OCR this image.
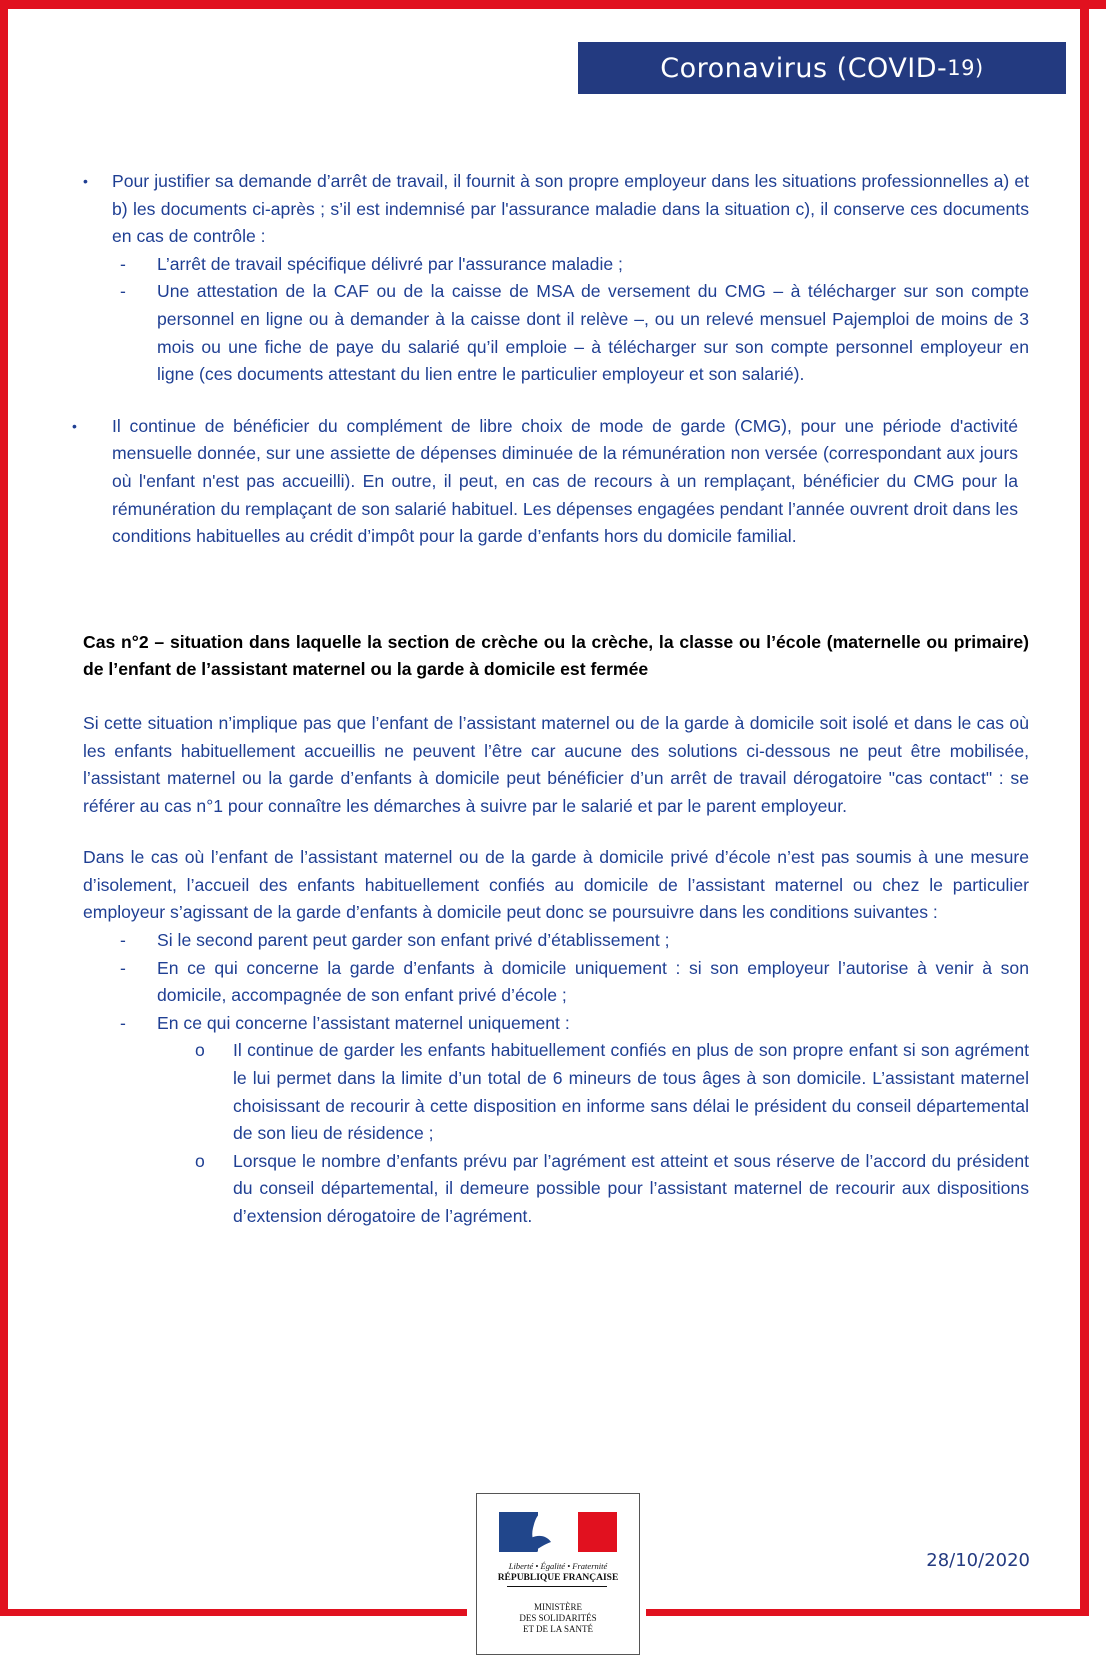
Coronavirus (COVID- 19)
• Pour justifier sa demande d’arrêt de travail, il fournit à son propre employeur dans les situations professionnelles a) et b) les documents ci-après ; s’il est indemnisé par l'assurance maladie dans la situation c), il conserve ces documents en cas de contrôle :

- L’arrêt de travail spécifique délivré par l'assurance maladie ;

- Une attestation de la CAF ou de la caisse de MSA de versement du CMG – à télécharger sur son compte personnel en ligne ou à demander à la caisse dont il relève –, ou un relevé mensuel Pajemploi de moins de 3 mois ou une fiche de paye du salarié qu’il emploie – à télécharger sur son compte personnel employeur en ligne (ces documents attestant du lien entre le particulier employeur et son salarié).

• Il continue de bénéficier du complément de libre choix de mode de garde (CMG), pour une période d'activité mensuelle donnée, sur une assiette de dépenses diminuée de la rémunération non versée (correspondant aux jours où l'enfant n'est pas accueilli). En outre, il peut, en cas de recours à un remplaçant, bénéficier du CMG pour la rémunération du remplaçant de son salarié habituel. Les dépenses engagées pendant l’année ouvrent droit dans les conditions habituelles au crédit d’impôt pour la garde d’enfants hors du domicile familial.

Cas n°2 – situation dans laquelle la section de crèche ou la crèche, la classe ou l’école (maternelle ou primaire) de l’enfant de l’assistant maternel ou la garde à domicile est fermée

Si cette situation n’implique pas que l’enfant de l’assistant maternel ou de la garde à domicile soit isolé et dans le cas où les enfants habituellement accueillis ne peuvent l’être car aucune des solutions ci-dessous ne peut être mobilisée, l’assistant maternel ou la garde d’enfants à domicile peut bénéficier d’un arrêt de travail dérogatoire "cas contact" : se référer au cas n°1 pour connaître les démarches à suivre par le salarié et par le parent employeur.

Dans le cas où l’enfant de l’assistant maternel ou de la garde à domicile privé d’école n’est pas soumis à une mesure d’isolement, l’accueil des enfants habituellement confiés au domicile de l’assistant maternel ou chez le particulier employeur s’agissant de la garde d’enfants à domicile peut donc se poursuivre dans les conditions suivantes :

- Si le second parent peut garder son enfant privé d’établissement ;

- En ce qui concerne la garde d’enfants à domicile uniquement : si son employeur l’autorise à venir à son domicile, accompagnée de son enfant privé d’école ;

- En ce qui concerne l’assistant maternel uniquement :

o Il continue de garder les enfants habituellement confiés en plus de son propre enfant si son agrément le lui permet dans la limite d’un total de 6 mineurs de tous âges à son domicile. L’assistant maternel choisissant de recourir à cette disposition en informe sans délai le président du conseil départemental de son lieu de résidence ;

o Lorsque le nombre d’enfants prévu par l’agrément est atteint et sous réserve de l’accord du président du conseil départemental, il demeure possible pour l’assistant maternel de recourir aux dispositions d’extension dérogatoire de l’agrément.

Liberté • Égalité • Fraternité
RÉPUBLIQUE FRANÇAISE
MINISTÈRE
DES SOLIDARITÉS
ET DE LA SANTÉ
28/10/2020
